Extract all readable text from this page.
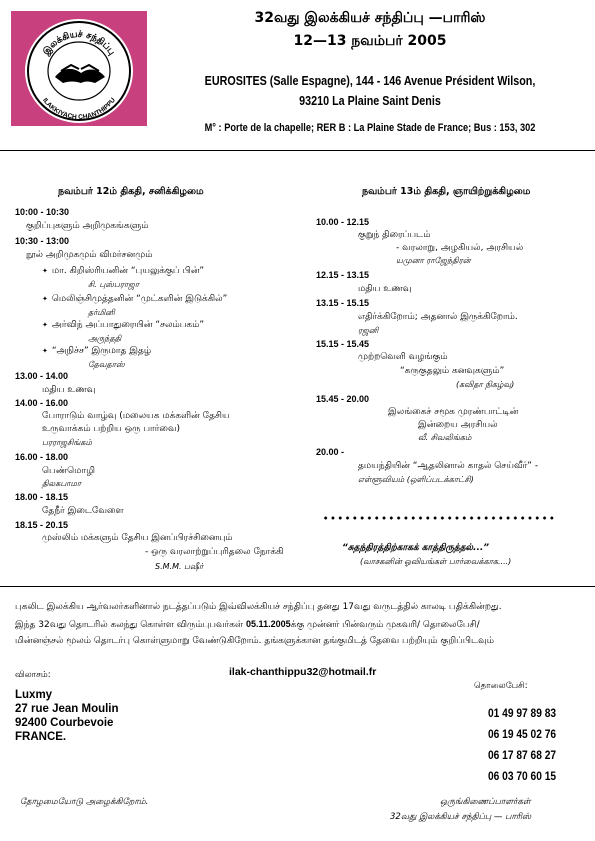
இலக்கியச் சந்திப்பு
ILAKKIYACH CHANTHIPPU
32வது இலக்கியச் சந்திப்பு —பாரிஸ்
12—13 நவம்பர் 2005
EUROSITES (Salle Espagne), 144 - 146 Avenue Président Wilson,
93210 La Plaine Saint Denis
M° : Porte de la chapelle; RER B : La Plaine Stade de France; Bus : 153, 302
நவம்பர் 12ம் திகதி, சனிக்கிழமை
10:00 - 10:30
குறிப்புகளும் அறிமுகங்களும்
10:30 - 13:00
நூல் அறிமுகமும் விமர்சனமும்
✦ மா. கிறிஸ்ரியனின் “புயலுக்குப் பின்”
சி. புஸ்பராஜா
✦ மெலிஞ்சிமுத்தனின் “முட்களின் இடுக்கில்”
தர்மினி
✦ அர்விந் அப்பாதுரையின் “சலம்பகம்”
அருந்ததி
✦ “அநிச்ச” இருமாத இதழ்
தேவதாஸ்
13.00 - 14.00
மதிய உணவு
14.00 - 16.00
போராடும் வாழ்வு (மலையக மக்களின் தேசிய
உருவாக்கம் பற்றிய ஒரு பார்வை)
பரராஜசிங்கம்
16.00 - 18.00
பெண்மொழி
திலகபாமா
18.00 - 18.15
தேநீர் இடைவேளை
18.15 - 20.15
முஸ்லிம் மக்களும் தேசிய இனப்பிரச்சினையும்
- ஒரு வரலாற்றுப்புரிதலை நோக்கி
S.M.M. பஷீர்
நவம்பர் 13ம் திகதி, ஞாயிற்றுக்கிழமை
10.00 - 12.15
குறுந் திரைப்படம்
- வரலாறு, அழகியல், அரசியல்
யமுனா ராஜேந்திரன்
12.15 - 13.15
மதிய உணவு
13.15 - 15.15
எதிர்க்கிறோம்; அதனால் இருக்கிறோம்.
ரஜனி
15.15 - 15.45
முற்றவெளி வழங்கும்
“கருகுதலும் கனவுகளும்”
(கவிதா நிகழ்வு)
15.45 - 20.00
இலங்கைச் சமூக முரண்பாட்டின்
இன்றைய அரசியல்
வீ. சிவலிங்கம்
20.00 -
தமயந்தியின் “ஆதலினால் காதல் செய்வீர்” -
எள்ளூவியம் (ஒளிப்படக்காட்சி)
“சுதந்திரத்திற்காகக் காத்திருத்தல்...”
(வாசகனின் ஓவியங்கள் பார்வைக்காக....)
புகலிட இலக்கிய ஆர்வலர்களினால் நடத்தப்படும் இவ்விலக்கியச் சந்திப்பு தனது 17வது வருடத்தில் காலடி பதிக்கின்றது.
இந்த 32வது தொடரில் கலந்து கொள்ள விரும்புபவர்கள் 05.11.2005க்கு முன்னர் பின்வரும் முகவரி/ தொலைபேசி/
மின்னஞ்சல் மூலம் தொடர்பு கொள்ளுமாறு வேண்டுகிறோம். தங்களுக்கான தங்குமிடத் தேவை பற்றியும் குறிப்பிடவும்
விலாசம்:
Luxmy
27 rue Jean Moulin
92400 Courbevoie
FRANCE.
ilak-chanthippu32@hotmail.fr
தொலைபேசி:
01 49 97 89 83
06 19 45 02 76
06 17 87 68 27
06 03 70 60 15
தோழமையோடு அழைக்கிறோம்.	ஒருங்கிணைப்பாளர்கள்
32வது இலக்கியச் சந்திப்பு — பாரிஸ்
